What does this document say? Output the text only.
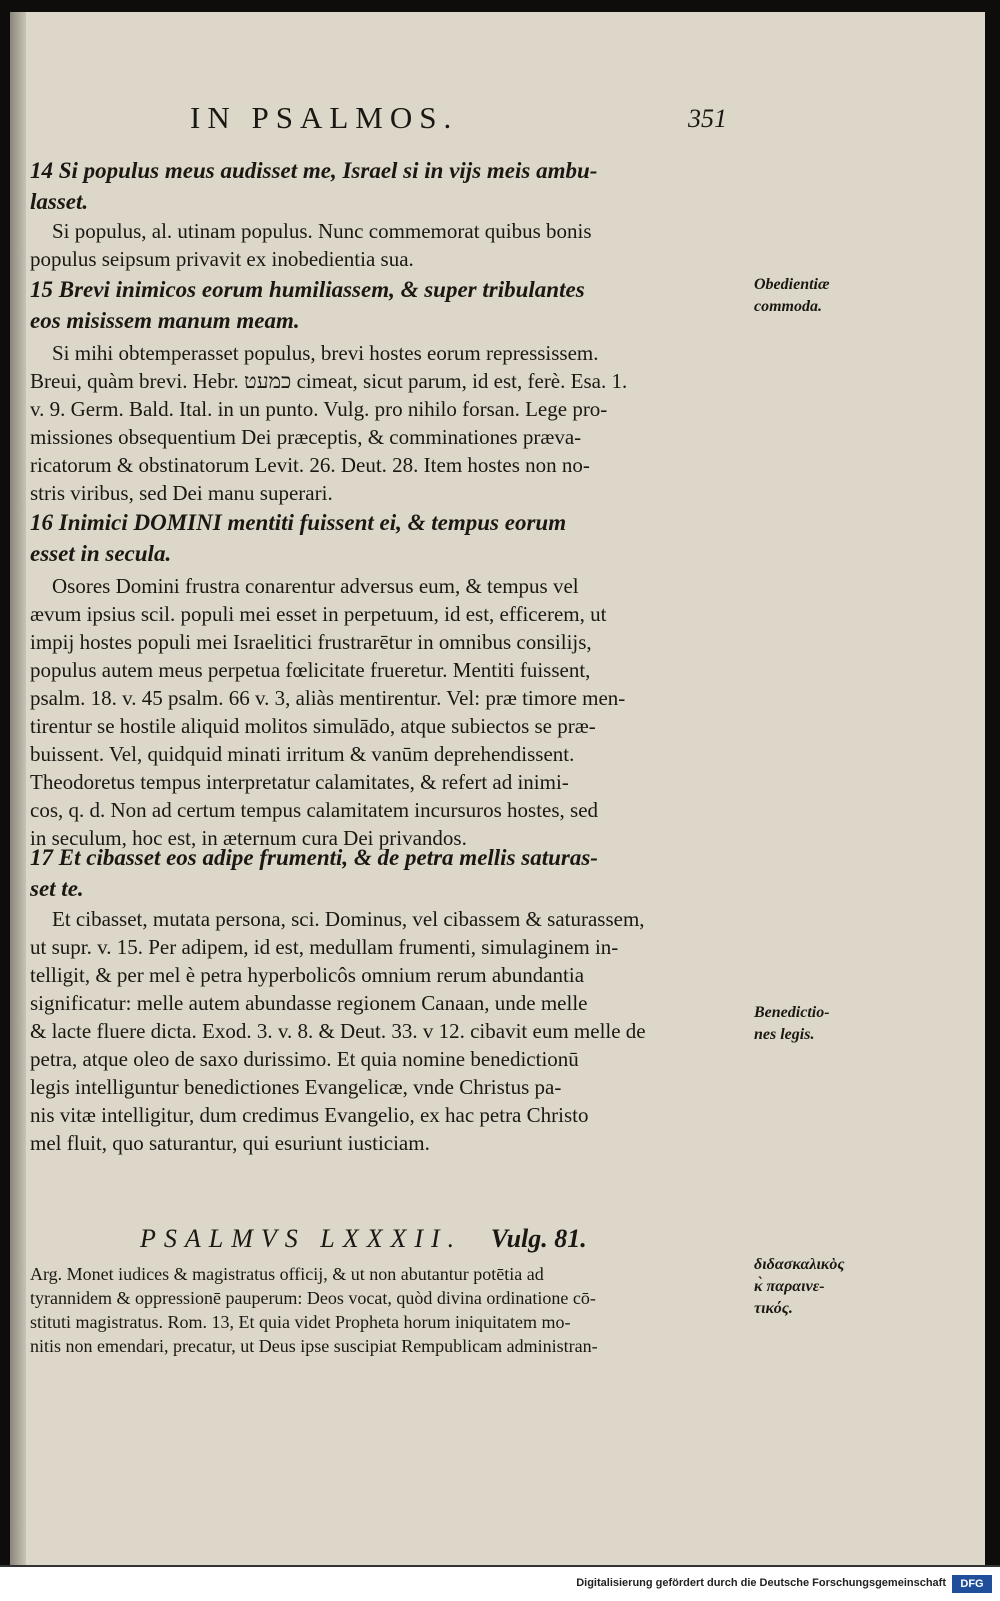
IN PSALMOS.	351
14 Si populus meus audisset me, Israel si in vijs meis ambu-
lasset.
Si populus, al. utinam populus. Nunc commemorat quibus bonis
populus seipsum privavit ex inobedientia sua.
15 Brevi inimicos eorum humiliassem, & super tribulantes
eos misissem manum meam.
Si mihi obtemperasset populus, brevi hostes eorum repressissem.
Breui, quàm brevi. Hebr. כמעט cimeat, sicut parum, id est, ferè. Esa. 1.
v. 9. Germ. Bald. Ital. in un punto. Vulg. pro nihilo forsan. Lege pro-
missiones obsequentium Dei præceptis, & comminationes præva-
ricatorum & obstinatorum Levit. 26. Deut. 28. Item hostes non no-
stris viribus, sed Dei manu superari.
16 Inimici DOMINI mentiti fuissent ei, & tempus eorum
esset in secula.
Osores Domini frustra conarentur adversus eum, & tempus vel
ævum ipsius scil. populi mei esset in perpetuum, id est, efficerem, ut
impij hostes populi mei Israelitici frustrarētur in omnibus consilijs,
populus autem meus perpetua fœlicitate frueretur. Mentiti fuissent,
psalm. 18. v. 45 psalm. 66 v. 3, aliàs mentirentur. Vel: præ timore men-
tirentur se hostile aliquid molitos simulādo, atque subiectos se præ-
buissent. Vel, quidquid minati irritum & vanūm deprehendissent.
Theodoretus tempus interpretatur calamitates, & refert ad inimi-
cos, q. d. Non ad certum tempus calamitatem incursuros hostes, sed
in seculum, hoc est, in æternum cura Dei privandos.
17 Et cibasset eos adipe frumenti, & de petra mellis saturas-
set te.
Et cibasset, mutata persona, sci. Dominus, vel cibassem & saturassem,
ut supr. v. 15. Per adipem, id est, medullam frumenti, simulaginem in-
telligit, & per mel è petra hyperbolicôs omnium rerum abundantia
significatur: melle autem abundasse regionem Canaan, unde melle
& lacte fluere dicta. Exod. 3. v. 8. & Deut. 33. v 12. cibavit eum melle de
petra, atque oleo de saxo durissimo. Et quia nomine benedictionū
legis intelliguntur benedictiones Evangelicæ, vnde Christus pa-
nis vitæ intelligitur, dum credimus Evangelio, ex hac petra Christo
mel fluit, quo saturantur, qui esuriunt iusticiam.
Obedientiæ
commoda.
Benedictio-
nes legis.
διδασκαλικὸς
κ̀ παραινε-
τικός.
PSALMVS LXXXII. Vulg. 81.
Arg. Monet iudices & magistratus officij, & ut non abutantur potētia ad
tyrannidem & oppressionē pauperum: Deos vocat, quòd divina ordinatione cō-
stituti magistratus. Rom. 13, Et quia videt Propheta horum iniquitatem mo-
nitis non emendari, precatur, ut Deus ipse suscipiat Rempublicam administran-
Digitalisierung gefördert durch die Deutsche Forschungsgemeinschaft	DFG
